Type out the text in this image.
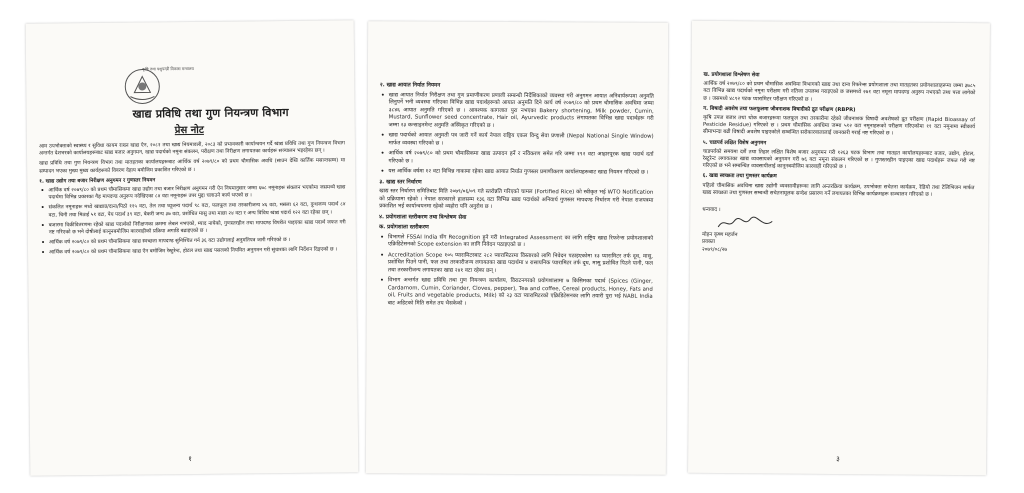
कृषि तथा पशुपन्छी विकास मन्त्रालय
खाद्य प्रविधि तथा गुण नियन्त्रण विभाग
प्रेस नोट

आम उपभोक्ताको स्वास्थ्य र सुविधा कायम राख्न खाद्य ऐन, २०८१ तथा खाद्य नियमावली, २०८३ को प्रभावकारी कार्यान्वयन गर्दै खाद्य प्रविधि तथा गुण नियन्त्रण विभाग अन्तर्गत देशभरको कार्यालयहरूबाट खाद्य बजार अनुगमन, खाद्य पदार्थको नमूना संकलन, परीक्षण तथा निरीक्षण लगायतका कार्यहरू सञ्चालन भइरहेका छन् ।

खाद्य प्रविधि तथा गुण नियन्त्रण विभाग तथा मातहतका कार्यालयहरूबाट आर्थिक वर्ष २०७९/८० को प्रथम चौमासिक अवधि (साउन देखि कार्तिक मसान्तसम्म) मा सम्पादन भएका मुख्य मुख्य कार्यहरूको विवरण देहाय बमोजिम प्रकाशित गरिएको छ ।

१. खाद्य उद्योग तथा बजार निरीक्षण अनुगमन र गुणस्तर नियमन
• आर्थिक वर्ष २०७९/८० को प्रथम चौमासिकमा खाद्य उद्योग तथा बजार निरीक्षण अनुगमन गरी ऐन नियमानुसार जम्मा ६७८ नमूनाहरू संकलन भएकोमा जसमध्ये खाद्य पदार्थमा विभिन्न प्रकारका गैह्र मापदण्ड अनुरूप नदेखिएका ८४ वटा नमूनाहरू उपर मुद्दा चलाउने कार्य भएको छ ।
• संकलित नमूनाहरू मध्ये खाद्यान्न/दाना/पिठो ११५ वटा, तेल तथा घ्यूजन्य पदार्थ ९८ वटा, फलफूल तथा तरकारीजन्य ४६ वटा, मसला ६२ वटा, दुग्धजन्य पदार्थ ८४ वटा, चिनी तथा मिठाई ५१ वटा, पेय पदार्थ ३९ वटा, बेकरी जन्य ३७ वटा, प्रशोधित मासु तथा माछा २४ वटा र अन्य विविध खाद्य पदार्थ १२२ वटा रहेका छन् ।
• बजारमा विक्रीवितरणमा रहेको खाद्य पदार्थको निरीक्षणका क्रममा लेबल नभएको, म्याद नाघेको, गुणस्तरहीन तथा मापदण्ड विपरीत पाइएका खाद्य पदार्थ जफत गरी नष्ट गरिएको छ भने दोषीलाई कानूनबमोजिम कारवाहीको प्रक्रिया अगाडि बढाइएको छ ।
• आर्थिक वर्ष २०७९/८० को प्रथम चौमासिकमा खाद्य स्वच्छता मापदण्ड सुनिश्चित गर्न ३६ वटा उद्योगलाई अनुमतिपत्र जारी गरिएको छ ।
• आर्थिक वर्ष २०७९/८० को प्रथम चौमासिकमा खाद्य ऐन बमोजिम रेस्टुरेन्ट, होटल तथा खाद्य पसलको नियमित अनुगमन गरी सुधारका लागि निर्देशन दिइएको छ ।
१
२. खाद्य आयात निर्यात नियमन
• खाद्य आयात निर्यात निरीक्षण तथा गुण प्रमाणीकरण प्रणाली सम्बन्धी निर्देशिकाको व्यवस्था गरी अनुगमन आयात अनिवार्यरूपमा अनुमति लिनुपर्ने भनी व्यवस्था गरिएका विभिन्न खाद्य पदार्थहरूको आयात अनुमति दिने कार्य वर्ष २०७९/८० को प्रथम चौमासिक अवधिमा जम्मा ३८४६ आयात अनुमति गरिएको छ । आवश्यक कागजात पुरा नभएका Bakery shortening, Milk powder, Cumin, Mustard, Sunflower seed concentrate, Hair oil, Ayurvedic products लगायतका विभिन्न खाद्य पदार्थहरू गरी जम्मा २३ कन्साइनमेन्ट अनुमति अस्विकृत गरिएको छ ।
• खाद्य पदार्थको आयात अनुमती पत्र जारी गर्ने कार्य नेपाल राष्ट्रिय एकल विन्दु सेवा प्रणाली (Nepal National Single Window) मार्फत व्यवस्था गरिएको छ ।
• आर्थिक वर्ष २०७९/८० को प्रथम चौमासिकमा खाद्य उत्पादन हर्ने र नविकरण समेत गरि जम्मा १९२ वटा आहारपूरक खाद्य पदार्थ दर्ता गरिएको छ ।
• यस आर्थिक वर्षमा १२ वटा विभिन्न नाकामा रहेका खाद्य आयात निर्यात गुणस्तर प्रमाणीकरण कार्यालयहरूबाट खाद्य नियमन गरिएको छ ।
३. खाद्य स्तर निर्धारण

खाद्य स्तर निर्धारण समितिबाट मिति २०७९/०६/०९ गते स्तरोन्नति गरिएको चामल (Fortified Rice) को स्वीकृत भई WTO Notification को प्रक्रियामा रहेको । नेपाल सरकारले हालसम्म १३६ वटा विभिन्न खाद्य पदार्थको अनिवार्य गुणस्तर मापदण्ड निर्धारण गरी नेपाल राजपत्रमा प्रकाशित भई कार्यान्वयनमा रहेको व्यहोरा पनि अनुरोध छ ।

४. प्रयोगशाला स्तरीकरण तथा विश्लेषण सेवा
क. प्रयोगशाला स्तरीकरण
• विभागले FSSAI India सँग Recognition हुने गरी Integrated Assessment का लागि राष्ट्रिय खाद्य रिफरेन्स प्रयोगशालाको एक्रिडिटेसनको Scope extension का लागि निवेदन पठाइएको छ ।
• Accreditation Scope १०५ प्यारामिटरबाट २८२ प्यारामिटरमा विस्तारको लागि निवेदन पठाइएकोमा १३ प्यारामिटर तर्फ दूध, मासु, प्रशोधित पिउने पानी, फल तथा तरकारीजन्य लगायतका खाद्य पदार्थमा ४ रासायनिक प्यारामिटर तर्फ दूध, मासु प्रशोधित पिउने पानी, फल तथा तरकारीजन्य लगायतका खाद्य २४१ वटा रहेका छन् ।
• विभाग अन्तर्गत खाद्य प्रविधि तथा गुण नियन्त्रण कार्यालय, विराटनगरको प्रयोगशालामा ७ किसिमका पदार्थ (Spices (Ginger, Cardamom, Cumin, Coriander, Cloves, pepper), Tea and coffee, Cereal products, Honey, Fats and oil, Fruits and vegetable products, Milk) को २३ वटा प्यारामिटरको एक्रिडिटेसनका लागि तयारी पुरा भई NABL India बाट अडिटको मिति समेत तय भैसकेको ।
ख. प्रयोगशाला विश्लेषण सेवा

आर्थिक वर्ष २०७९/८० को प्रथम चौमासिक अवधिमा विभागको खाद्य तथा दाना रिफरेन्स प्रयोगशाला तथा मातहतका प्रयोगशालाहरूमा जम्मा ३७८५ वटा विभिन्न खाद्य पदार्थको नमूना परीक्षण गरी नतिजा उपलब्ध गराइएको छ जसमध्ये २७१ वटा नमूना मापदण्ड अनुरुप नभएको तथ्य पत्ता लागेको छ । जसमध्ये ४८९२ पटक प्यारामिटर परीक्षण गरिएको छ ।

ग. बिषादी अवशेष तथा फलफूलमा जीवनाशक बिषादीको द्रुत परीक्षण (RBPR)

कृषि उपज बजार तथा थोक बजारहरूमा फलफूल तथा तरकारीमा रहेको जीवनाशक विषादी अवशेषको द्रुत परीक्षण (Rapid Bioassay of Pesticide Residue) गरिएको छ । प्रथम चौमासिक अवधिमा जम्मा ५१२ वटा नमूनाहरूको परीक्षण गरिएकोमा ११ वटा नमूनामा स्वीकार्य सीमाभन्दा बढी विषादी अवशेष पाइएकोले सम्बन्धित सरोकारवालालाई जानकारी गराई नष्ट गरिएको छ ।

५. चाडपर्व लक्षित विशेष अनुगमन

चाडपर्वको समयमा दशैं तथा तिहार लक्षित विशेष बजार अनुगमन गरी १२६३ पटक विभाग तथा मातहत कार्यालयहरूबाट बजार, उद्योग, होटल, रेस्टुरेन्ट लगायतका खाद्य व्यवसायको अनुगमन गरी ७६ वटा नमूना संकलन गरिएको छ । गुणस्तरहीन पाइएका खाद्य पदार्थहरू जफत गरी नष्ट गरिएको छ भने सम्बन्धित व्यवसायीलाई कानूनबमोजिम कारवाही गरिएको छ ।

६. खाद्य स्वच्छता तथा गुणस्तर कार्यक्रम

पहिलो चौमासिक अवधिमा खाद्य उद्योगी व्यवसायीहरूका लागि अन्तरक्रिया कार्यक्रम, उपभोक्ता सचेतना कार्यक्रम, रेडियो तथा टेलिभिजन मार्फत खाद्य स्वच्छता तथा गुणस्तर सम्बन्धी सचेतनामूलक सन्देश प्रसारण गर्ने लगायतका विभिन्न कार्यक्रमहरू सञ्चालन गरिएको छ ।

धन्यवाद ।
मोहन कृष्ण महर्जन
प्रवक्ता
२०७९/०८/२७
३
